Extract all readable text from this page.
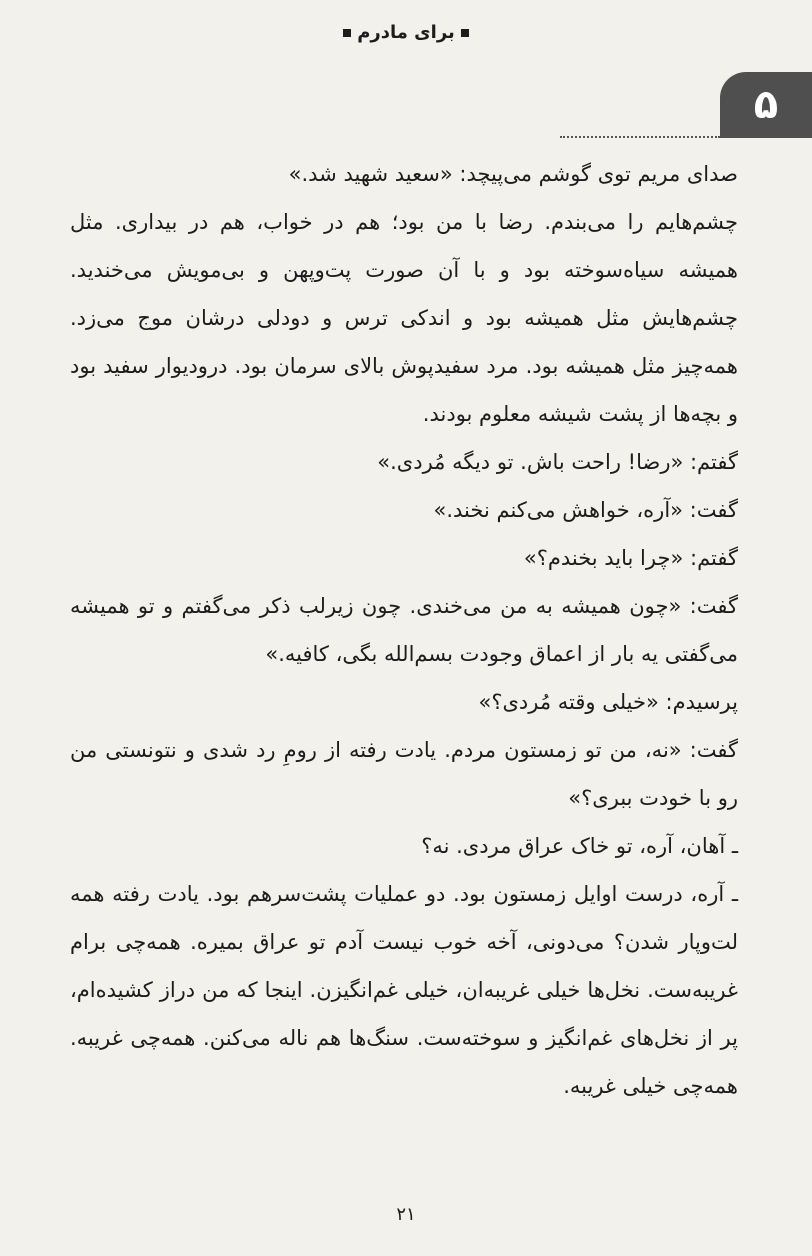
برای مادرم
۵

صدای مریم توی گوشم می‌پیچد: «سعید شهید شد.»

چشم‌هایم را می‌بندم. رضا با من بود؛ هم در خواب، هم در بیداری. مثل همیشه سیاه‌سوخته بود و با آن صورت پت‌وپهن و بی‌مویش می‌خندید. چشم‌هایش مثل همیشه بود و اندکی ترس و دودلی درشان موج می‌زد. همه‌چیز مثل همیشه بود. مرد سفیدپوش بالای سرمان بود. درودیوار سفید بود و بچه‌ها از پشت شیشه معلوم بودند.

گفتم: «رضا! راحت باش. تو دیگه مُردی.»

گفت: «آره، خواهش می‌کنم نخند.»

گفتم: «چرا باید بخندم؟»

گفت: «چون همیشه به من می‌خندی. چون زیرلب ذکر می‌گفتم و تو همیشه می‌گفتی یه بار از اعماق وجودت بسم‌الله بگی، کافیه.»

پرسیدم: «خیلی وقته مُردی؟»

گفت: «نه، من تو زمستون مردم. یادت رفته از رومِ رد شدی و نتونستی من رو با خودت ببری؟»

ـ آهان، آره، تو خاک عراق مردی. نه؟

ـ آره، درست اوایل زمستون بود. دو عملیات پشت‌سرهم بود. یادت رفته همه لت‌وپار شدن؟ می‌دونی، آخه خوب نیست آدم تو عراق بمیره. همه‌چی برام غریبه‌ست. نخل‌ها خیلی غریبه‌ان، خیلی غم‌انگیزن. اینجا که من دراز کشیده‌ام، پر از نخل‌های غم‌انگیز و سوخته‌ست. سنگ‌ها هم ناله می‌کنن. همه‌چی غریبه. همه‌چی خیلی غریبه.

۲۱
